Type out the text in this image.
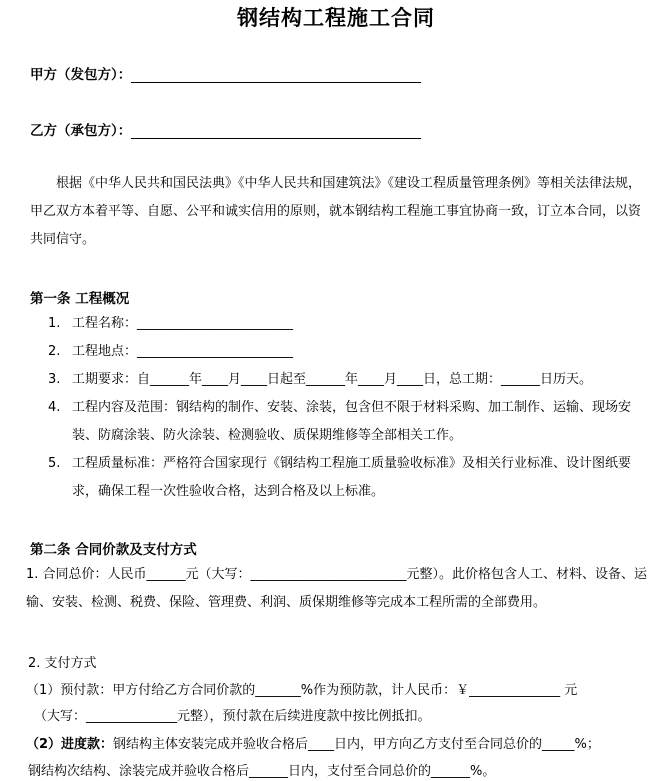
钢结构工程施工合同
甲方（发包方）：
乙方（承包方）：
根据《中华人民共和国民法典》《中华人民共和国建筑法》《建设工程质量管理条例》等相关法律法规，甲乙双方本着平等、自愿、公平和诚实信用的原则，就本钢结构工程施工事宜协商一致，订立本合同，以资共同信守。
第一条 工程概况
1. 工程名称：________________________
2. 工程地点：________________________
3. 工期要求：自______年____月____日起至______年____月____日，总工期：______日历天。
4. 工程内容及范围：钢结构的制作、安装、涂装，包含但不限于材料采购、加工制作、运输、现场安装、防腐涂装、防火涂装、检测验收、质保期维修等全部相关工作。
5. 工程质量标准：严格符合国家现行《钢结构工程施工质量验收标准》及相关行业标准、设计图纸要求，确保工程一次性验收合格，达到合格及以上标准。
第二条 合同价款及支付方式
1. 合同总价：人民币______元（大写：________________________元整）。此价格包含人工、材料、设备、运输、安装、检测、税费、保险、管理费、利润、质保期维修等完成本工程所需的全部费用。
2. 支付方式
（1）预付款：甲方付给乙方合同价款的_______%作为预防款，计人民币：￥______________ 元
（大写：______________元整），预付款在后续进度款中按比例抵扣。
（2）进度款：钢结构主体安装完成并验收合格后____日内，甲方向乙方支付至合同总价的_____%；
钢结构次结构、涂装完成并验收合格后______日内，支付至合同总价的______%。
